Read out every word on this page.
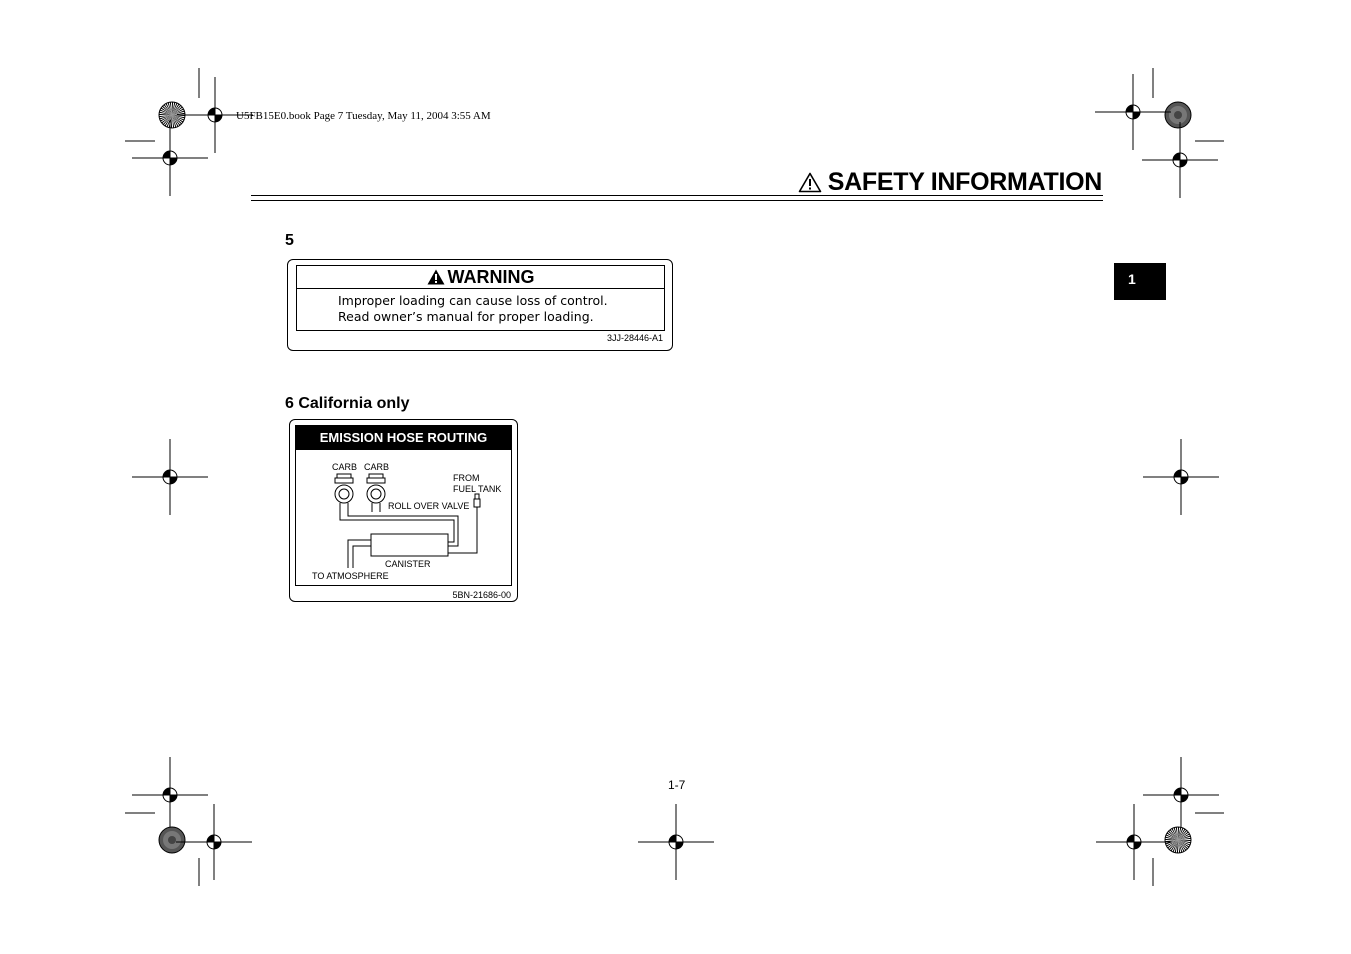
U5FB15E0.book Page 7 Tuesday, May 11, 2004 3:55 AM
SAFETY INFORMATION
1
5
WARNING
Improper loading can cause loss of control.
Read owner’s manual for proper loading.
3JJ-28446-A1
6 California only
EMISSION HOSE ROUTING
CARB CARB
FROM
FUEL TANK
ROLL OVER VALVE
CANISTER
TO ATMOSPHERE
5BN-21686-00
1-7
